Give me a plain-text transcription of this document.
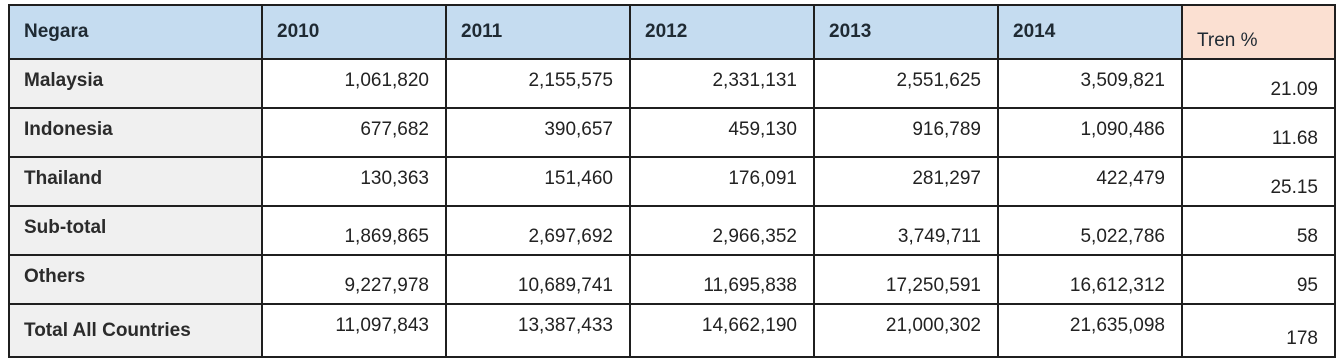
Negara	2010	2011	2012	2013	2014	Tren %
Malaysia	1,061,820	2,155,575	2,331,131	2,551,625	3,509,821	21.09
Indonesia	677,682	390,657	459,130	916,789	1,090,486	11.68
Thailand	130,363	151,460	176,091	281,297	422,479	25.15
Sub-total	1,869,865	2,697,692	2,966,352	3,749,711	5,022,786	58
Others	9,227,978	10,689,741	11,695,838	17,250,591	16,612,312	95
Total All Countries	11,097,843	13,387,433	14,662,190	21,000,302	21,635,098	178
